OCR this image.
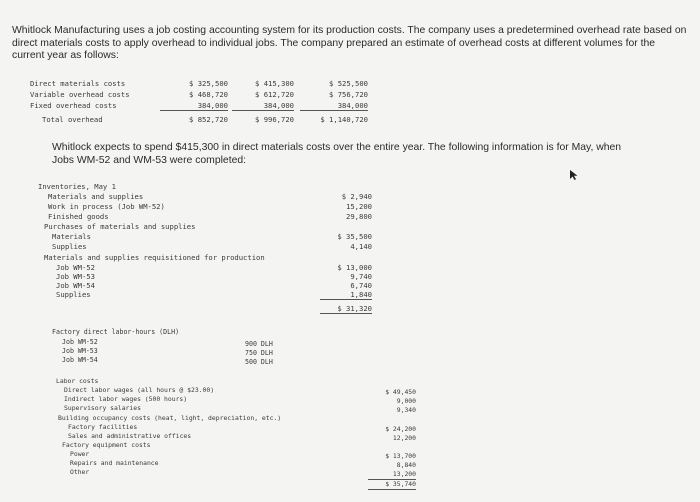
Whitlock Manufacturing uses a job costing accounting system for its production costs. The company uses a predetermined overhead rate based on direct materials costs to apply overhead to individual jobs. The company prepared an estimate of overhead costs at different volumes for the current year as follows:
Direct materials costs	$ 325,500	$ 415,300	$ 525,500
Variable overhead costs	$ 468,720	$ 612,720	$ 756,720
Fixed overhead costs	384,000	384,000	384,000
Total overhead	$ 852,720	$ 996,720	$ 1,140,720
Whitlock expects to spend $415,300 in direct materials costs over the entire year. The following information is for May, when Jobs WM-52 and WM-53 were completed:
Inventories, May 1
Materials and supplies	$ 2,940
Work in process (Job WM-52)	15,200
Finished goods	29,800
Purchases of materials and supplies
Materials	$ 35,500
Supplies	4,140
Materials and supplies requisitioned for production
Job WM-52	$ 13,000
Job WM-53	9,740
Job WM-54	6,740
Supplies	1,840
$ 31,320
Factory direct labor-hours (DLH)
Job WM-52	900 DLH
Job WM-53	750 DLH
Job WM-54	500 DLH
Labor costs
Direct labor wages (all hours @ $23.00)	$ 49,450
Indirect labor wages (500 hours)	9,000
Supervisory salaries	9,340
Building occupancy costs (heat, light, depreciation, etc.)
Factory facilities	$ 24,200
Sales and administrative offices	12,200
Factory equipment costs
Power	$ 13,700
Repairs and maintenance	8,840
Other	13,200
$ 35,740
